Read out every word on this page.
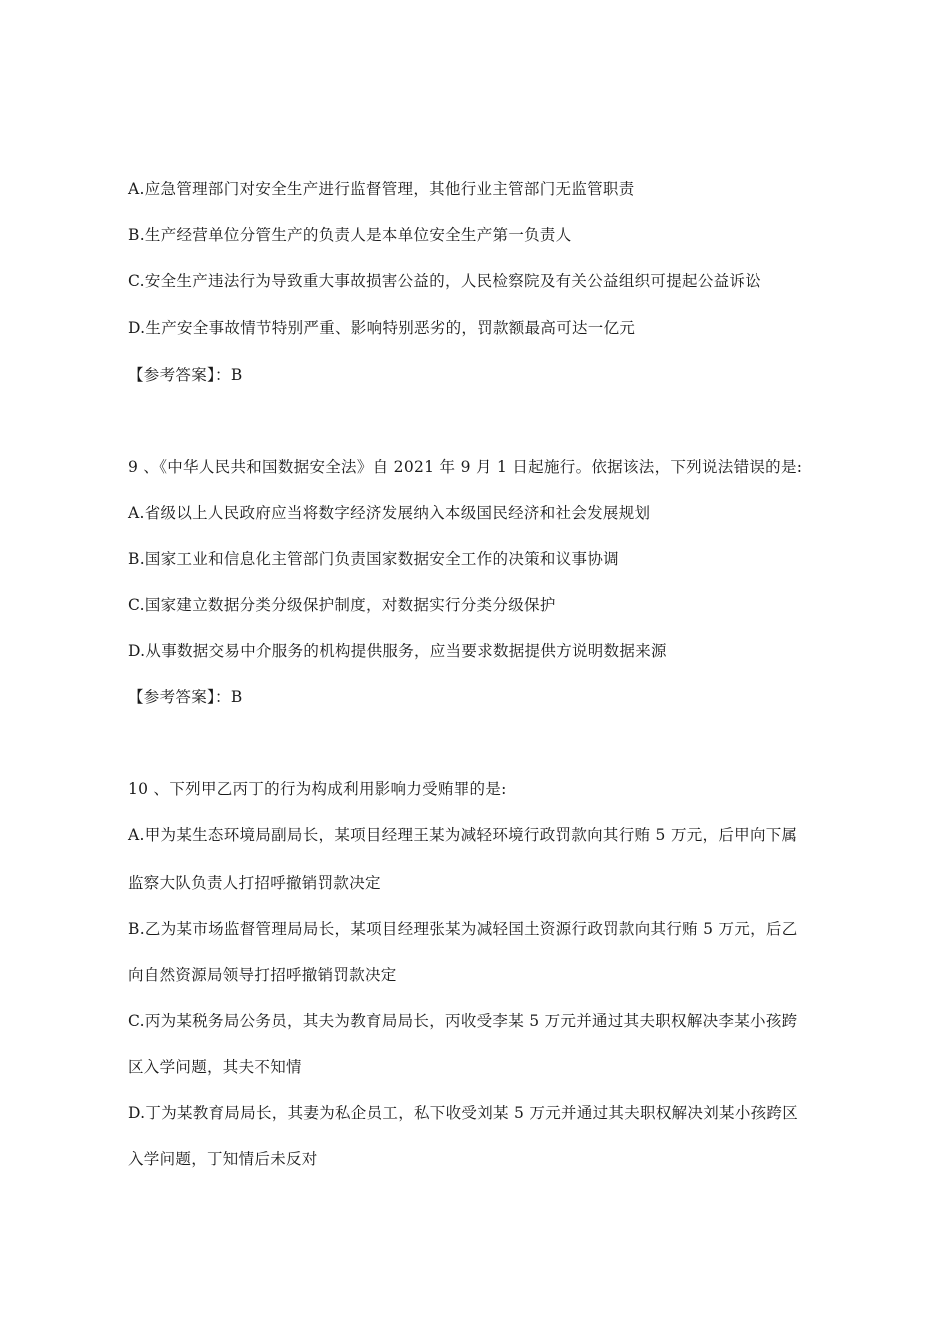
A.应急管理部门对安全生产进行监督管理，其他行业主管部门无监管职责
B.生产经营单位分管生产的负责人是本单位安全生产第一负责人
C.安全生产违法行为导致重大事故损害公益的，人民检察院及有关公益组织可提起公益诉讼
D.生产安全事故情节特别严重、影响特别恶劣的，罚款额最高可达一亿元
【参考答案】：B
9 、《中华人民共和国数据安全法》自 2021 年 9 月 1 日起施行。依据该法，下列说法错误的是:
A.省级以上人民政府应当将数字经济发展纳入本级国民经济和社会发展规划
B.国家工业和信息化主管部门负责国家数据安全工作的决策和议事协调
C.国家建立数据分类分级保护制度，对数据实行分类分级保护
D.从事数据交易中介服务的机构提供服务，应当要求数据提供方说明数据来源
【参考答案】：B
10 、下列甲乙丙丁的行为构成利用影响力受贿罪的是:
A.甲为某生态环境局副局长，某项目经理王某为减轻环境行政罚款向其行贿 5 万元，后甲向下属
监察大队负责人打招呼撤销罚款决定
B.乙为某市场监督管理局局长，某项目经理张某为减轻国土资源行政罚款向其行贿 5 万元，后乙
向自然资源局领导打招呼撤销罚款决定
C.丙为某税务局公务员，其夫为教育局局长，丙收受李某 5 万元并通过其夫职权解决李某小孩跨
区入学问题，其夫不知情
D.丁为某教育局局长，其妻为私企员工，私下收受刘某 5 万元并通过其夫职权解决刘某小孩跨区
入学问题，丁知情后未反对
